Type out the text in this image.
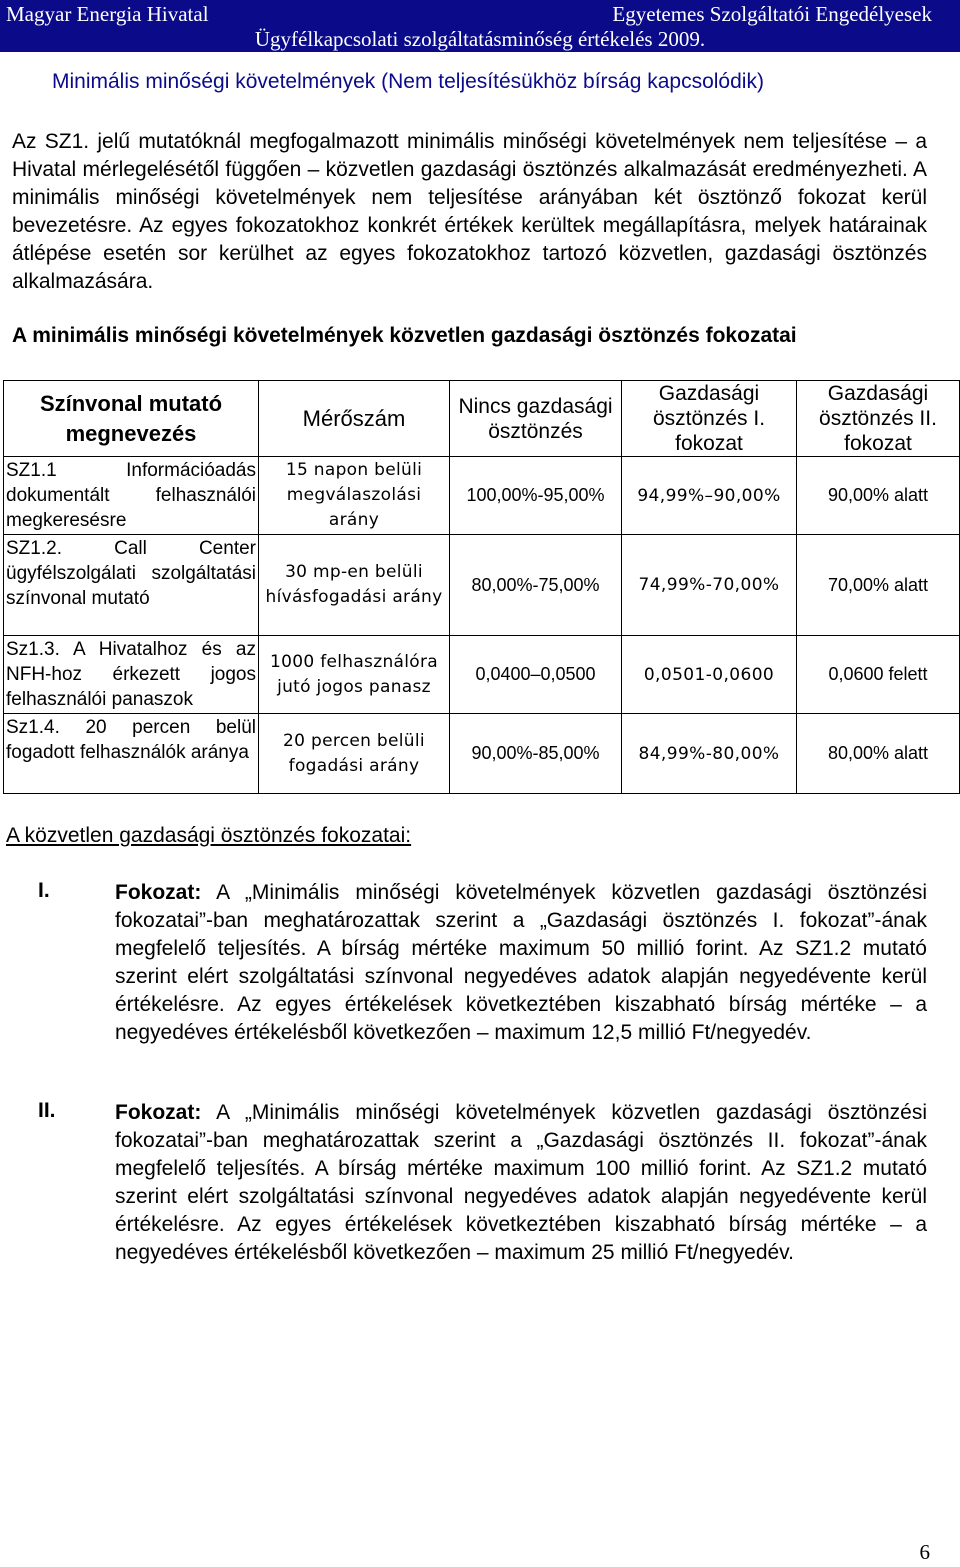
Magyar Energia Hivatal	Egyetemes Szolgáltatói Engedélyesek
Ügyfélkapcsolati szolgáltatásminőség értékelés 2009.
Minimális minőségi követelmények (Nem teljesítésükhöz bírság kapcsolódik)
Az SZ1. jelű mutatóknál megfogalmazott minimális minőségi követelmények nem teljesítése – a Hivatal mérlegelésétől függően – közvetlen gazdasági ösztönzés alkalmazását eredményezheti. A minimális minőségi követelmények nem teljesítése arányában két ösztönző fokozat kerül bevezetésre. Az egyes fokozatokhoz konkrét értékek kerültek megállapításra, melyek határainak átlépése esetén sor kerülhet az egyes fokozatokhoz tartozó közvetlen, gazdasági ösztönzés alkalmazására.
A minimális minőségi követelmények közvetlen gazdasági ösztönzés fokozatai
Színvonal mutató megnevezés	Mérőszám	Nincs gazdasági ösztönzés	Gazdasági ösztönzés I. fokozat	Gazdasági ösztönzés II. fokozat
SZ1.1 Információadás dokumentált felhasználói megkeresésre	15 napon belüli megválaszolási arány	100,00%-95,00%	94,99%–90,00%	90,00% alatt
SZ1.2. Call Center ügyfélszolgálati szolgáltatási színvonal mutató	30 mp-en belüli hívásfogadási arány	80,00%-75,00%	74,99%-70,00%	70,00% alatt
Sz1.3. A Hivatalhoz és az NFH-hoz érkezett jogos felhasználói panaszok	1000 felhasználóra jutó jogos panasz	0,0400–0,0500	0,0501-0,0600	0,0600 felett
Sz1.4. 20 percen belül fogadott felhasználók aránya	20 percen belüli fogadási arány	90,00%-85,00%	84,99%-80,00%	80,00% alatt
A közvetlen gazdasági ösztönzés fokozatai:
I.	Fokozat: A „Minimális minőségi követelmények közvetlen gazdasági ösztönzési fokozatai”-ban meghatározattak szerint a „Gazdasági ösztönzés I. fokozat”-ának megfelelő teljesítés. A bírság mértéke maximum 50 millió forint. Az SZ1.2 mutató szerint elért szolgáltatási színvonal negyedéves adatok alapján negyedévente kerül értékelésre. Az egyes értékelések következtében kiszabható bírság mértéke – a negyedéves értékelésből következően – maximum 12,5 millió Ft/negyedév.
II.	Fokozat: A „Minimális minőségi követelmények közvetlen gazdasági ösztönzési fokozatai”-ban meghatározattak szerint a „Gazdasági ösztönzés II. fokozat”-ának megfelelő teljesítés. A bírság mértéke maximum 100 millió forint. Az SZ1.2 mutató szerint elért szolgáltatási színvonal negyedéves adatok alapján negyedévente kerül értékelésre. Az egyes értékelések következtében kiszabható bírság mértéke – a negyedéves értékelésből következően – maximum 25 millió Ft/negyedév.
6
